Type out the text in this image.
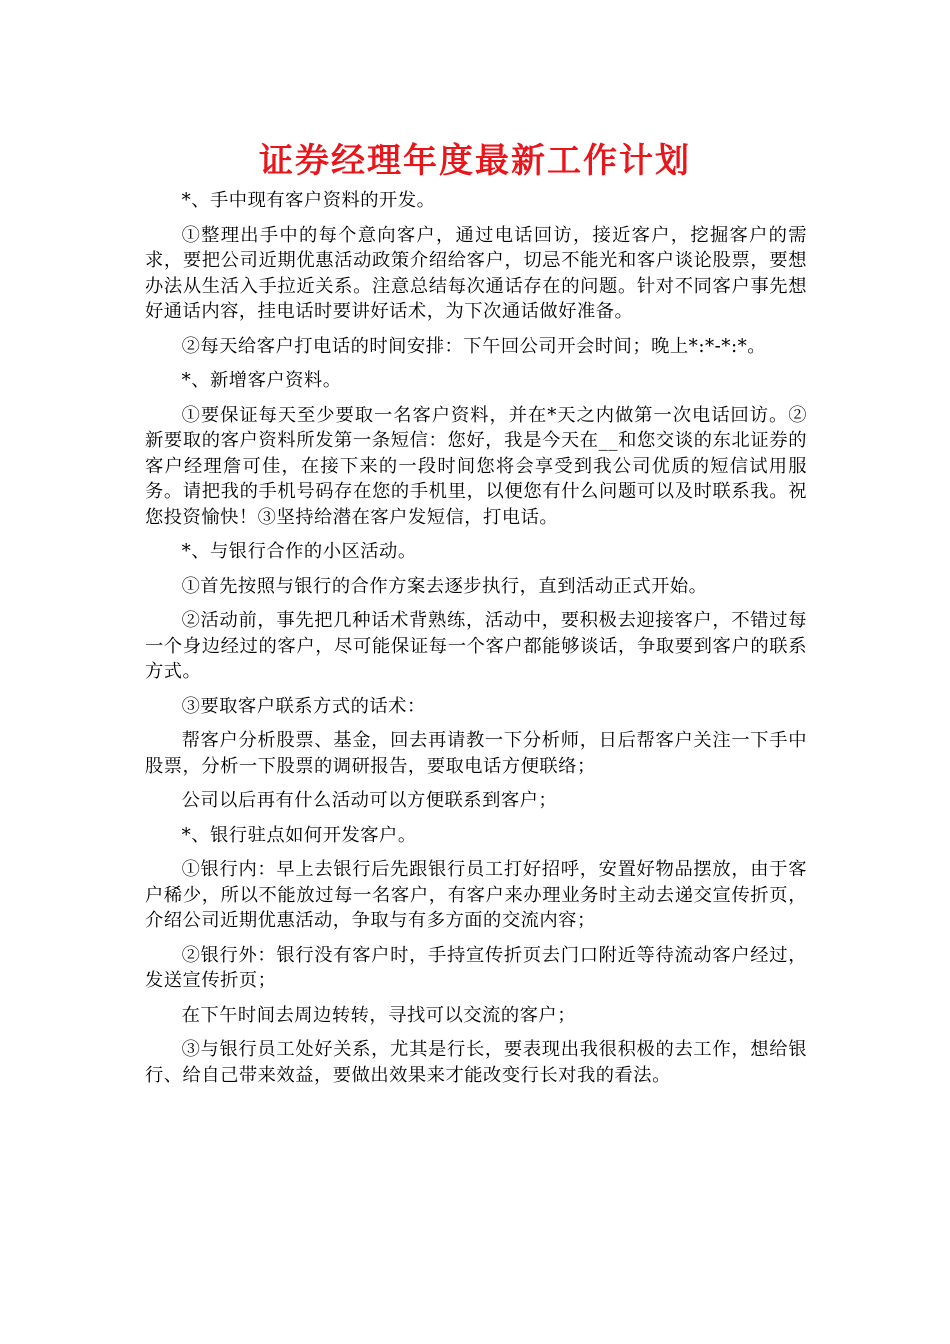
证券经理年度最新工作计划

*、手中现有客户资料的开发。

①整理出手中的每个意向客户，通过电话回访，接近客户，挖掘客户的需求，要把公司近期优惠活动政策介绍给客户，切忌不能光和客户谈论股票，要想办法从生活入手拉近关系。注意总结每次通话存在的问题。针对不同客户事先想好通话内容，挂电话时要讲好话术，为下次通话做好准备。

②每天给客户打电话的时间安排：下午回公司开会时间；晚上*:*-*:*。

*、新增客户资料。

①要保证每天至少要取一名客户资料，并在*天之内做第一次电话回访。②新要取的客户资料所发第一条短信：您好，我是今天在__和您交谈的东北证券的客户经理詹可佳，在接下来的一段时间您将会享受到我公司优质的短信试用服务。请把我的手机号码存在您的手机里，以便您有什么问题可以及时联系我。祝您投资愉快！③坚持给潜在客户发短信，打电话。

*、与银行合作的小区活动。

①首先按照与银行的合作方案去逐步执行，直到活动正式开始。

②活动前，事先把几种话术背熟练，活动中，要积极去迎接客户，不错过每一个身边经过的客户，尽可能保证每一个客户都能够谈话，争取要到客户的联系方式。

③要取客户联系方式的话术：

帮客户分析股票、基金，回去再请教一下分析师，日后帮客户关注一下手中股票，分析一下股票的调研报告，要取电话方便联络；

公司以后再有什么活动可以方便联系到客户；

*、银行驻点如何开发客户。

①银行内：早上去银行后先跟银行员工打好招呼，安置好物品摆放，由于客户稀少，所以不能放过每一名客户，有客户来办理业务时主动去递交宣传折页，介绍公司近期优惠活动，争取与有多方面的交流内容；

②银行外：银行没有客户时，手持宣传折页去门口附近等待流动客户经过，发送宣传折页；

在下午时间去周边转转，寻找可以交流的客户；

③与银行员工处好关系，尤其是行长，要表现出我很积极的去工作，想给银行、给自己带来效益，要做出效果来才能改变行长对我的看法。
